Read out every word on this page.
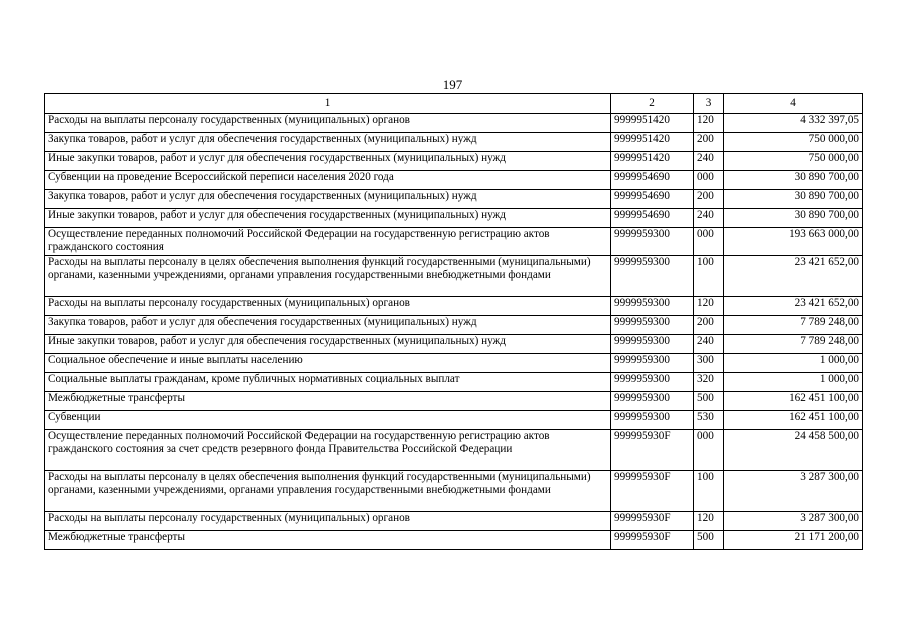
197
1	2	3	4
Расходы на выплаты персоналу государственных (муниципальных) органов	9999951420	120	4 332 397,05
Закупка товаров, работ и услуг для обеспечения государственных (муниципальных) нужд	9999951420	200	750 000,00
Иные закупки товаров, работ и услуг для обеспечения государственных (муниципальных) нужд	9999951420	240	750 000,00
Субвенции на проведение Всероссийской переписи населения 2020 года	9999954690	000	30 890 700,00
Закупка товаров, работ и услуг для обеспечения государственных (муниципальных) нужд	9999954690	200	30 890 700,00
Иные закупки товаров, работ и услуг для обеспечения государственных (муниципальных) нужд	9999954690	240	30 890 700,00
Осуществление переданных полномочий Российской Федерации на государственную регистрацию актов гражданского состояния	9999959300	000	193 663 000,00
Расходы на выплаты персоналу в целях обеспечения выполнения функций государственными (муниципальными) органами, казенными учреждениями, органами управления государственными внебюджетными фондами	9999959300	100	23 421 652,00
Расходы на выплаты персоналу государственных (муниципальных) органов	9999959300	120	23 421 652,00
Закупка товаров, работ и услуг для обеспечения государственных (муниципальных) нужд	9999959300	200	7 789 248,00
Иные закупки товаров, работ и услуг для обеспечения государственных (муниципальных) нужд	9999959300	240	7 789 248,00
Социальное обеспечение и иные выплаты населению	9999959300	300	1 000,00
Социальные выплаты гражданам, кроме публичных нормативных социальных выплат	9999959300	320	1 000,00
Межбюджетные трансферты	9999959300	500	162 451 100,00
Субвенции	9999959300	530	162 451 100,00
Осуществление переданных полномочий Российской Федерации на государственную регистрацию актов гражданского состояния за счет средств резервного фонда Правительства Российской Федерации	999995930F	000	24 458 500,00
Расходы на выплаты персоналу в целях обеспечения выполнения функций государственными (муниципальными) органами, казенными учреждениями, органами управления государственными внебюджетными фондами	999995930F	100	3 287 300,00
Расходы на выплаты персоналу государственных (муниципальных) органов	999995930F	120	3 287 300,00
Межбюджетные трансферты	999995930F	500	21 171 200,00
